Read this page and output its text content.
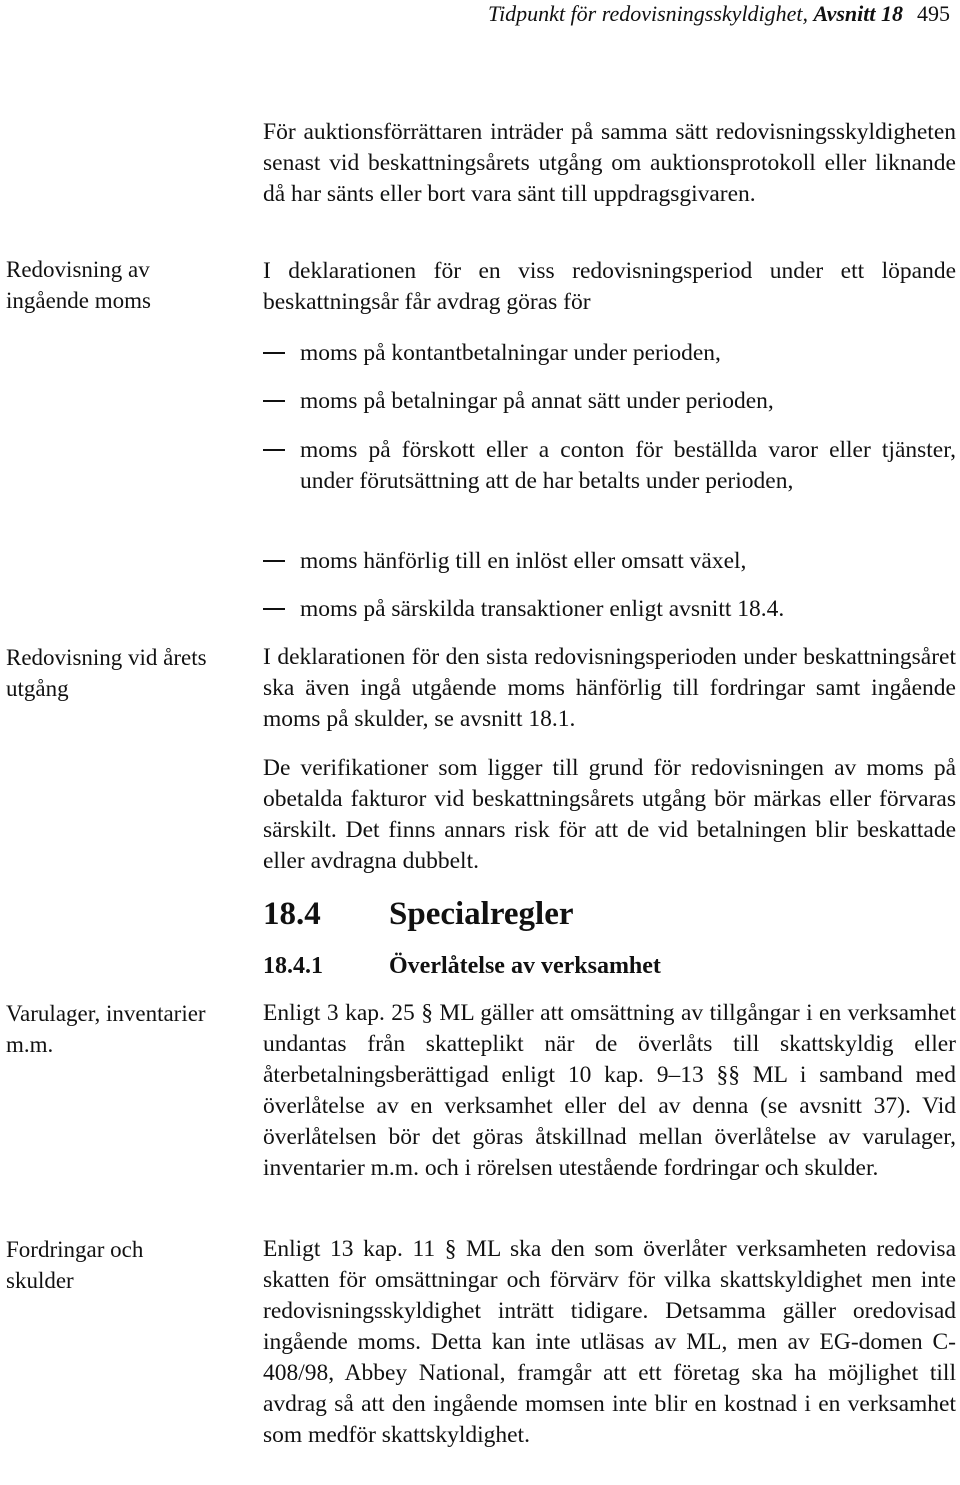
Tidpunkt för redovisningsskyldighet, Avsnitt 18 495
Redovisning av ingående moms
Redovisning vid årets utgång
Varulager, inventarier m.m.
Fordringar och skulder

För auktionsförrättaren inträder på samma sätt redovisningsskyldigheten senast vid beskattningsårets utgång om auktionsprotokoll eller liknande då har sänts eller bort vara sänt till uppdragsgivaren.

I deklarationen för en viss redovisningsperiod under ett löpande beskattningsår får avdrag göras för

moms på kontantbetalningar under perioden,
moms på betalningar på annat sätt under perioden,
moms på förskott eller a conton för beställda varor eller tjänster, under förutsättning att de har betalts under perioden,
moms hänförlig till en inlöst eller omsatt växel,
moms på särskilda transaktioner enligt avsnitt 18.4.

I deklarationen för den sista redovisningsperioden under beskattningsåret ska även ingå utgående moms hänförlig till fordringar samt ingående moms på skulder, se avsnitt 18.1.

De verifikationer som ligger till grund för redovisningen av moms på obetalda fakturor vid beskattningsårets utgång bör märkas eller förvaras särskilt. Det finns annars risk för att de vid betalningen blir beskattade eller avdragna dubbelt.

18.4 Specialregler
18.4.1	Överlåtelse av verksamhet

Enligt 3 kap. 25 § ML gäller att omsättning av tillgångar i en verksamhet undantas från skatteplikt när de överlåts till skattskyldig eller återbetalningsberättigad enligt 10 kap. 9–13 §§ ML i samband med överlåtelse av en verksamhet eller del av denna (se avsnitt 37). Vid överlåtelsen bör det göras åtskillnad mellan överlåtelse av varulager, inventarier m.m. och i rörelsen utestående fordringar och skulder.

Enligt 13 kap. 11 § ML ska den som överlåter verksamheten redovisa skatten för omsättningar och förvärv för vilka skattskyldighet men inte redovisningsskyldighet inträtt tidigare. Detsamma gäller oredovisad ingående moms. Detta kan inte utläsas av ML, men av EG-domen C-408/98, Abbey National, framgår att ett företag ska ha möjlighet till avdrag så att den ingående momsen inte blir en kostnad i en verksamhet som medför skattskyldighet.
